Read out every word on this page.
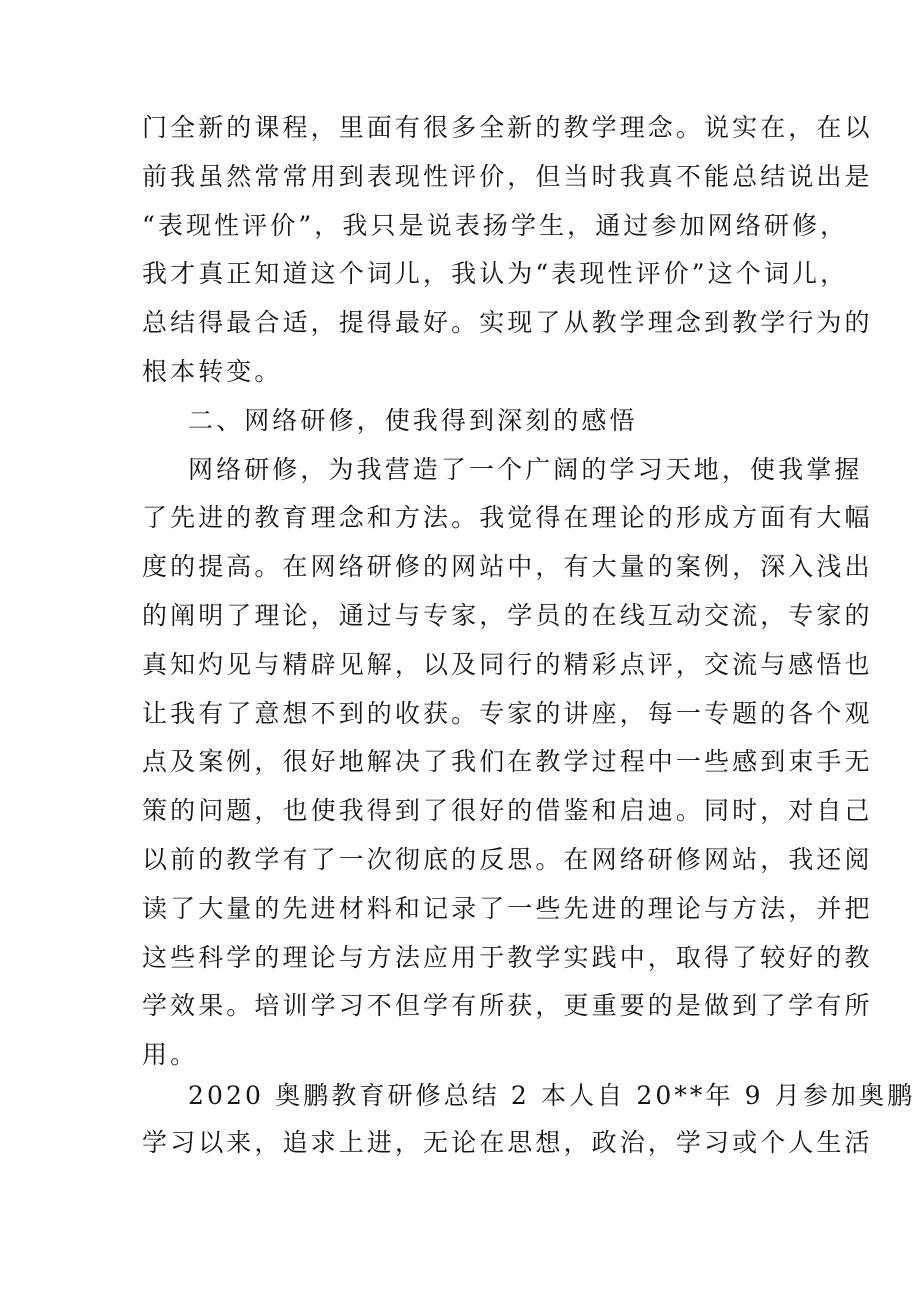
门全新的课程，里面有很多全新的教学理念。说实在，在以
前我虽然常常用到表现性评价，但当时我真不能总结说出是
“表现性评价”，我只是说表扬学生，通过参加网络研修，
我才真正知道这个词儿，我认为“表现性评价”这个词儿，
总结得最合适，提得最好。实现了从教学理念到教学行为的
根本转变。
二、网络研修，使我得到深刻的感悟
网络研修，为我营造了一个广阔的学习天地，使我掌握
了先进的教育理念和方法。我觉得在理论的形成方面有大幅
度的提高。在网络研修的网站中，有大量的案例，深入浅出
的阐明了理论，通过与专家，学员的在线互动交流，专家的
真知灼见与精辟见解，以及同行的精彩点评，交流与感悟也
让我有了意想不到的收获。专家的讲座，每一专题的各个观
点及案例，很好地解决了我们在教学过程中一些感到束手无
策的问题，也使我得到了很好的借鉴和启迪。同时，对自己
以前的教学有了一次彻底的反思。在网络研修网站，我还阅
读了大量的先进材料和记录了一些先进的理论与方法，并把
这些科学的理论与方法应用于教学实践中，取得了较好的教
学效果。培训学习不但学有所获，更重要的是做到了学有所
用。
2020 奥鹏教育研修总结 2 本人自 20**年 9 月参加奥鹏
学习以来，追求上进，无论在思想，政治，学习或个人生活
